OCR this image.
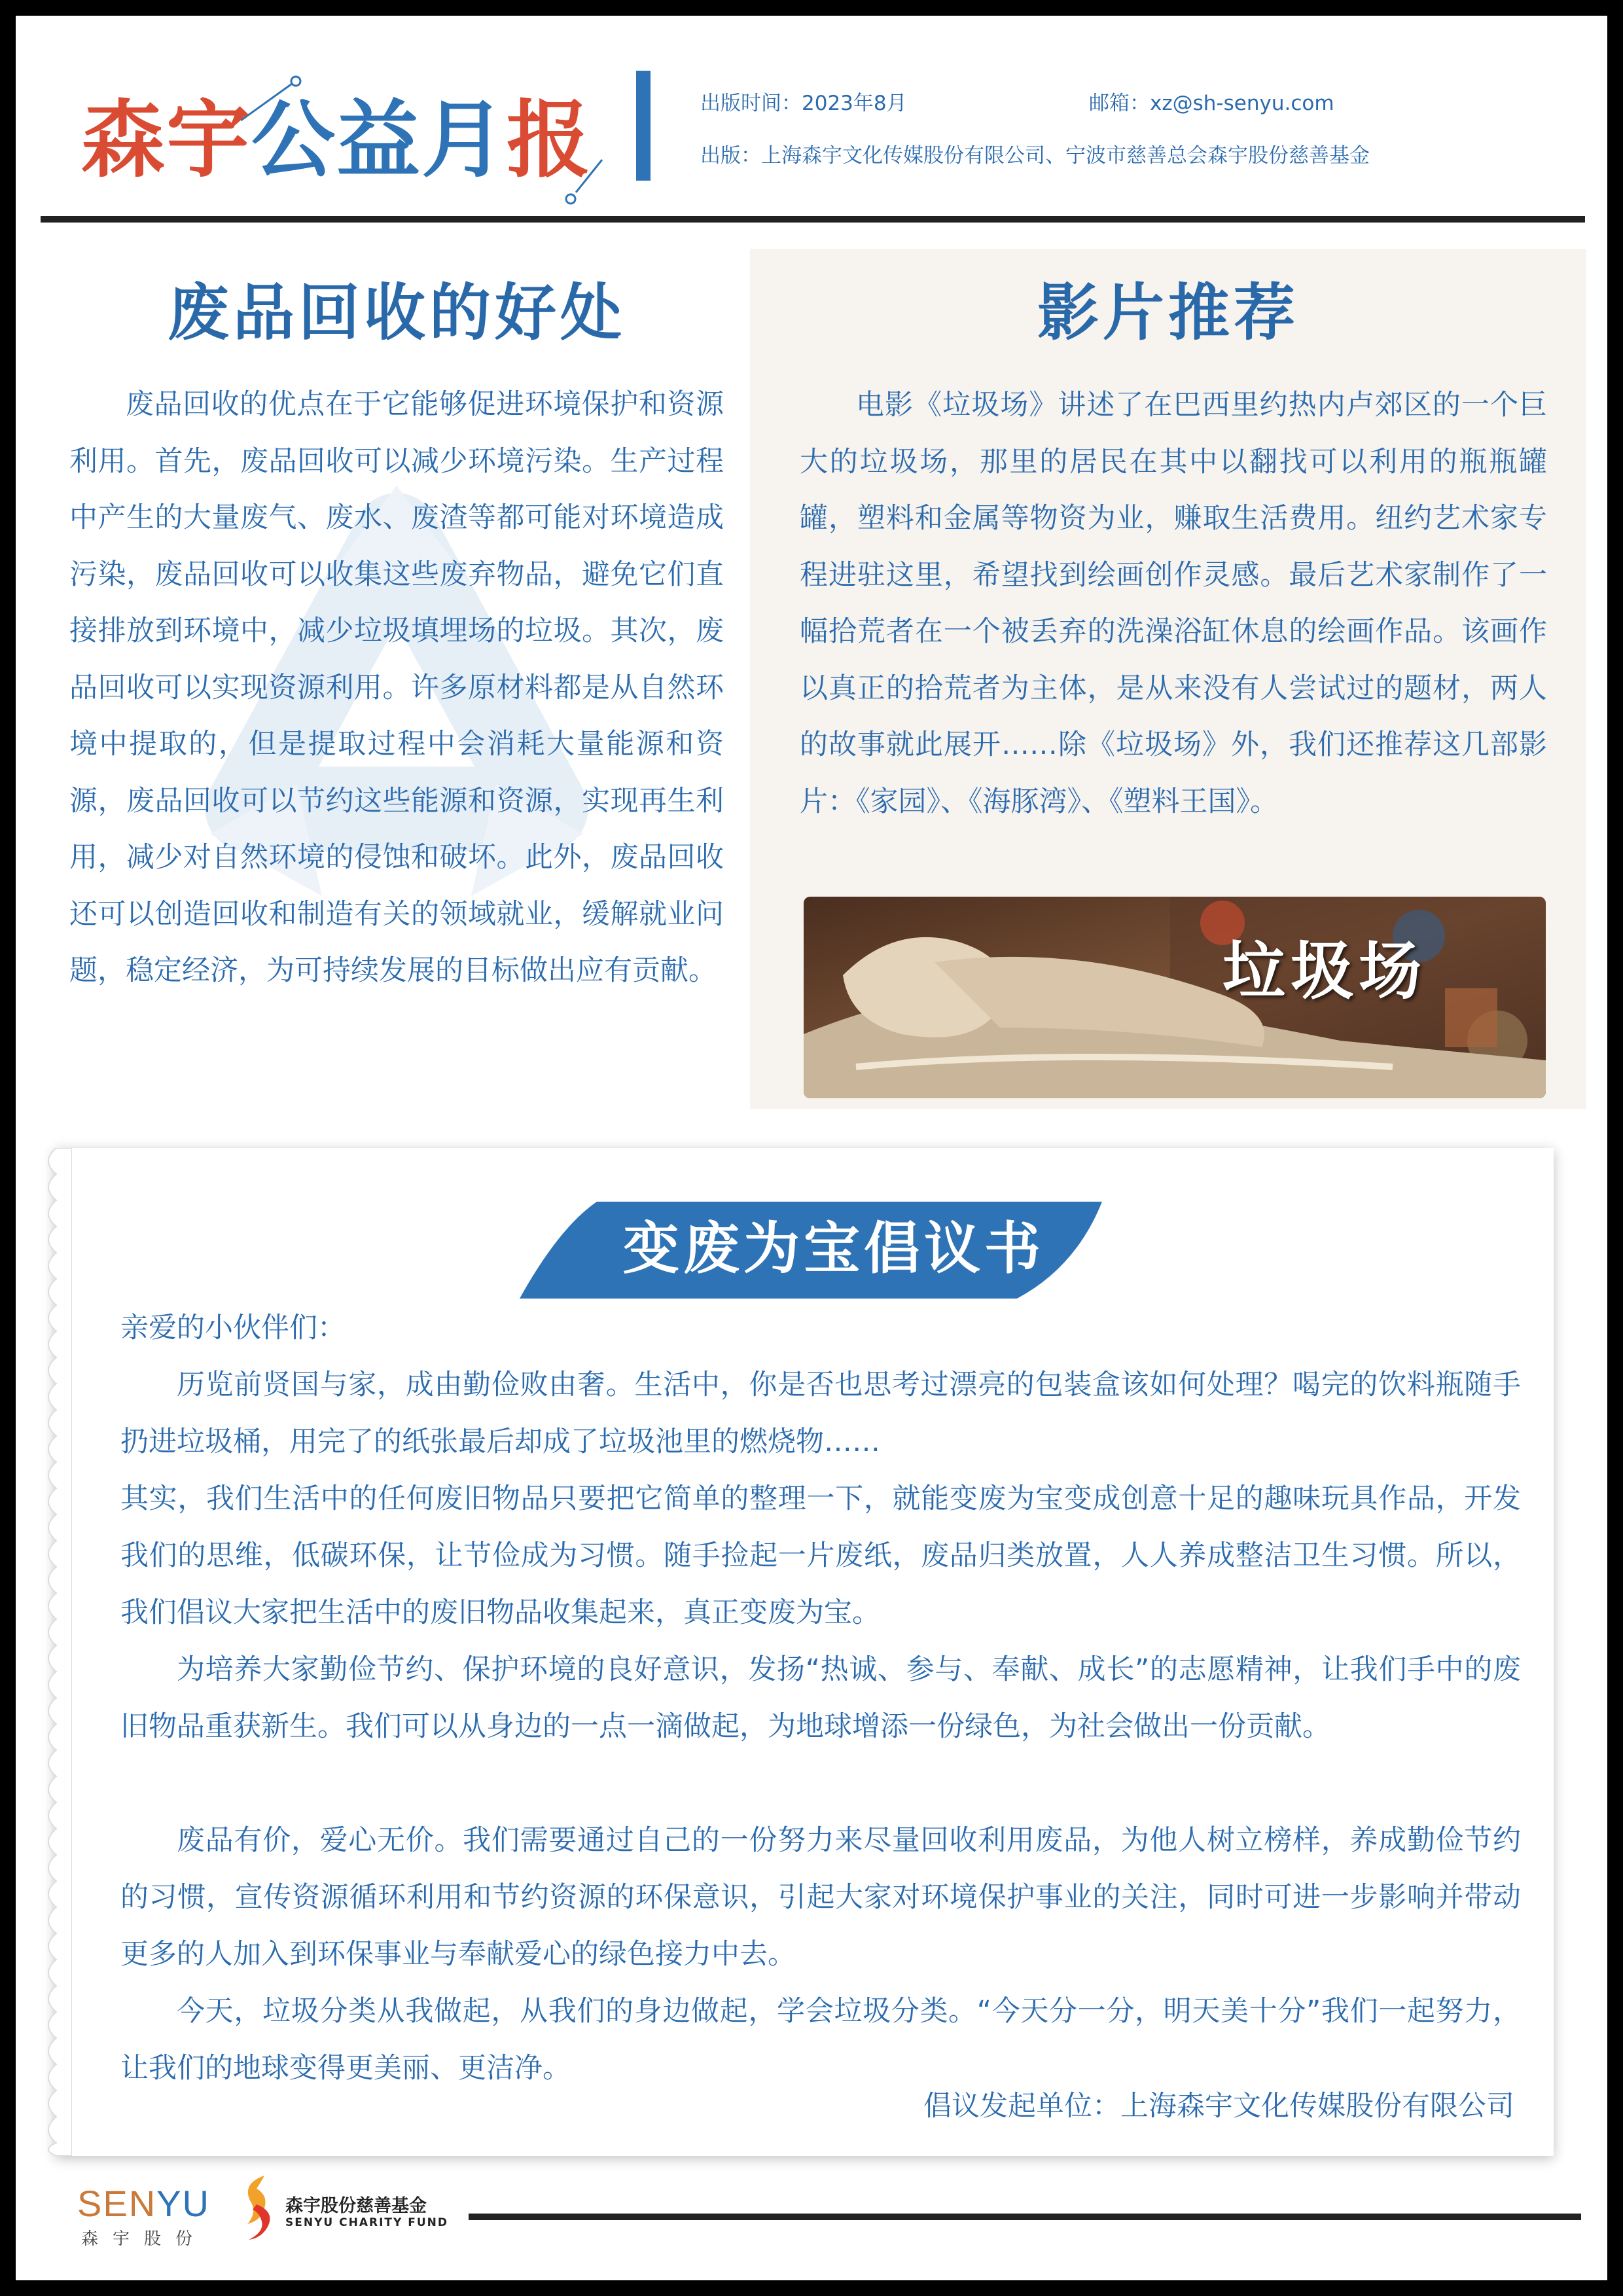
森宇公益月报	出版时间：2023年8月	邮箱：xz@sh-senyu.com
出版：上海森宇文化传媒股份有限公司、宁波市慈善总会森宇股份慈善基金
废品回收的好处

废品回收的优点在于它能够促进环境保护和资源利用。首先，废品回收可以减少环境污染。生产过程中产生的大量废气、废水、废渣等都可能对环境造成污染，废品回收可以收集这些废弃物品，避免它们直接排放到环境中，减少垃圾填埋场的垃圾。其次，废品回收可以实现资源利用。许多原材料都是从自然环境中提取的，但是提取过程中会消耗大量能源和资源，废品回收可以节约这些能源和资源，实现再生利用，减少对自然环境的侵蚀和破坏。此外，废品回收还可以创造回收和制造有关的领域就业，缓解就业问题，稳定经济，为可持续发展的目标做出应有贡献。

影片推荐

电影《垃圾场》讲述了在巴西里约热内卢郊区的一个巨大的垃圾场，那里的居民在其中以翻找可以利用的瓶瓶罐罐，塑料和金属等物资为业，赚取生活费用。纽约艺术家专程进驻这里，希望找到绘画创作灵感。最后艺术家制作了一幅拾荒者在一个被丢弃的洗澡浴缸休息的绘画作品。该画作以真正的拾荒者为主体，是从来没有人尝试过的题材，两人的故事就此展开……除《垃圾场》外，我们还推荐这几部影片：《家园》、《海豚湾》、《塑料王国》。

垃圾场
变废为宝倡议书

亲爱的小伙伴们：

历览前贤国与家，成由勤俭败由奢。生活中，你是否也思考过漂亮的包装盒该如何处理？喝完的饮料瓶随手扔进垃圾桶，用完了的纸张最后却成了垃圾池里的燃烧物……

其实，我们生活中的任何废旧物品只要把它简单的整理一下，就能变废为宝变成创意十足的趣味玩具作品，开发我们的思维，低碳环保，让节俭成为习惯。随手捡起一片废纸，废品归类放置，人人养成整洁卫生习惯。所以，我们倡议大家把生活中的废旧物品收集起来，真正变废为宝。

为培养大家勤俭节约、保护环境的良好意识，发扬“热诚、参与、奉献、成长”的志愿精神，让我们手中的废旧物品重获新生。我们可以从身边的一点一滴做起，为地球增添一份绿色，为社会做出一份贡献。

废品有价，爱心无价。我们需要通过自己的一份努力来尽量回收利用废品，为他人树立榜样，养成勤俭节约的习惯，宣传资源循环利用和节约资源的环保意识，引起大家对环境保护事业的关注，同时可进一步影响并带动更多的人加入到环保事业与奉献爱心的绿色接力中去。

今天，垃圾分类从我做起，从我们的身边做起，学会垃圾分类。“今天分一分，明天美十分”我们一起努力，让我们的地球变得更美丽、更洁净。

倡议发起单位：上海森宇文化传媒股份有限公司
SENYU
森宇股份
森宇股份慈善基金
SENYU CHARITY FUND
